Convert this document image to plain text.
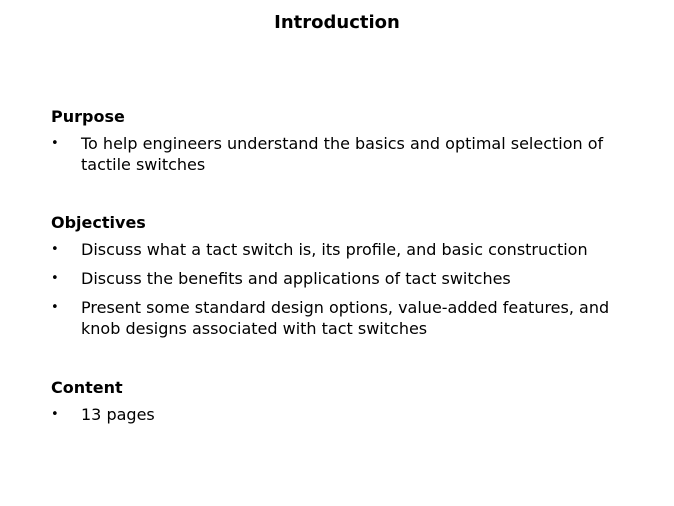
Introduction
Purpose
• To help engineers understand the basics and optimal selection of tactile switches
Objectives
• Discuss what a tact switch is, its profile, and basic construction
• Discuss the benefits and applications of tact switches
• Present some standard design options, value-added features, and knob designs associated with tact switches
Content
• 13 pages
